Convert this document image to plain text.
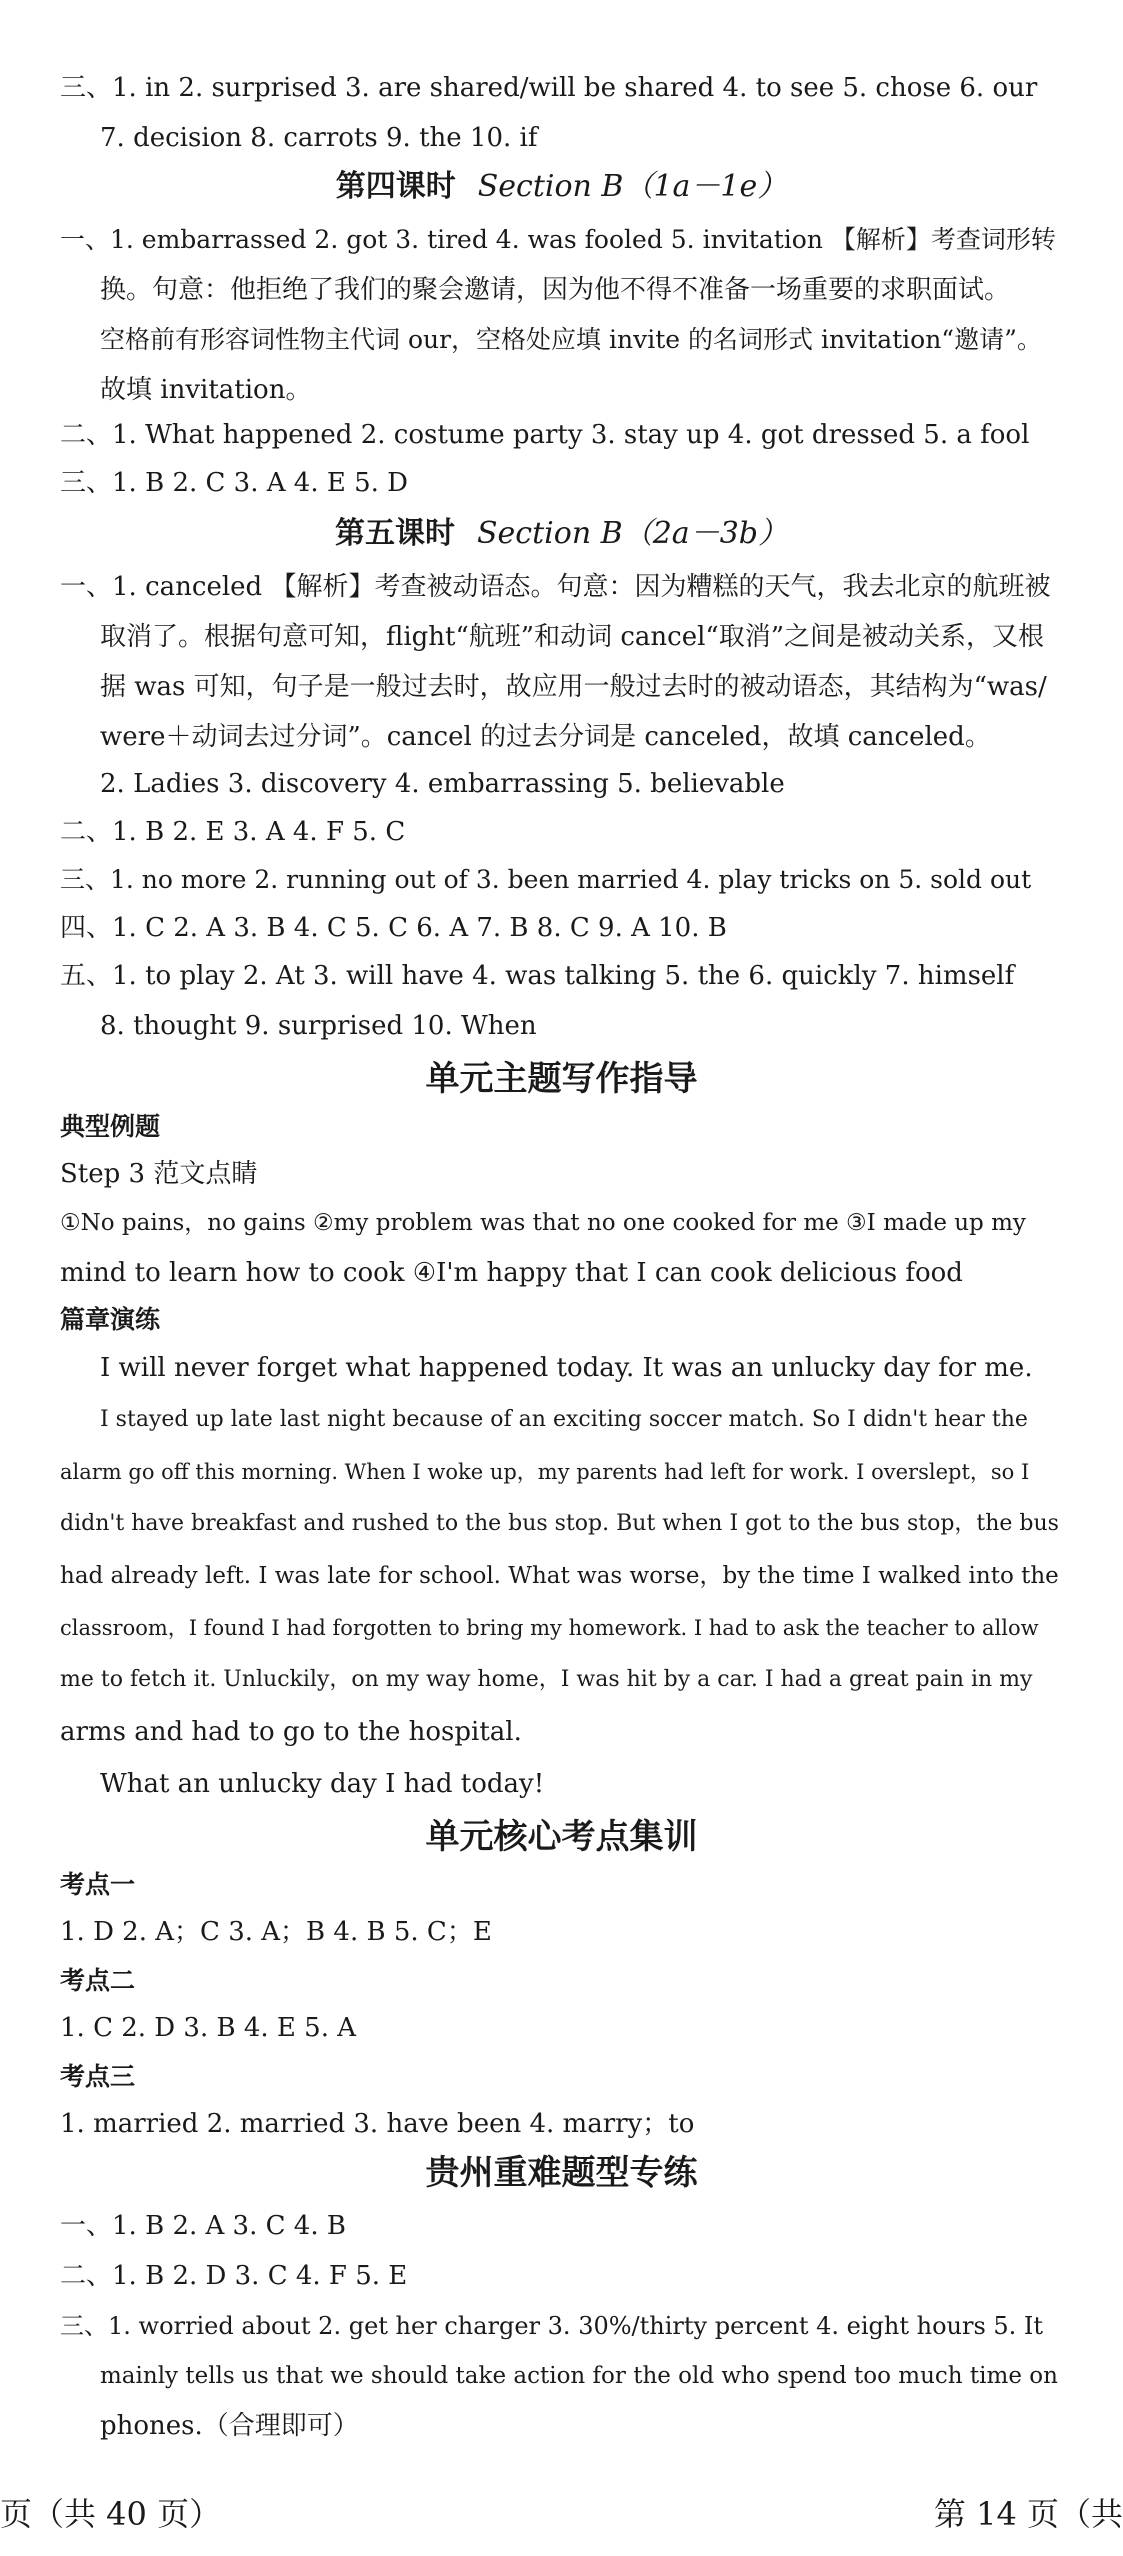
三、1. in 2. surprised 3. are shared/will be shared 4. to see 5. chose 6. our
7. decision 8. carrots 9. the 10. if
第四课时 Section B（1a－1e）
一、1. embarrassed 2. got 3. tired 4. was fooled 5. invitation 【解析】考查词形转
换。句意：他拒绝了我们的聚会邀请，因为他不得不准备一场重要的求职面试。
空格前有形容词性物主代词 our，空格处应填 invite 的名词形式 invitation“邀请”。
故填 invitation。
二、1. What happened 2. costume party 3. stay up 4. got dressed 5. a fool
三、1. B 2. C 3. A 4. E 5. D
第五课时 Section B（2a－3b）
一、1. canceled 【解析】考查被动语态。句意：因为糟糕的天气，我去北京的航班被
取消了。根据句意可知，flight“航班”和动词 cancel“取消”之间是被动关系，又根
据 was 可知，句子是一般过去时，故应用一般过去时的被动语态，其结构为“was/
were＋动词去过分词”。cancel 的过去分词是 canceled，故填 canceled。
2. Ladies 3. discovery 4. embarrassing 5. believable
二、1. B 2. E 3. A 4. F 5. C
三、1. no more 2. running out of 3. been married 4. play tricks on 5. sold out
四、1. C 2. A 3. B 4. C 5. C 6. A 7. B 8. C 9. A 10. B
五、1. to play 2. At 3. will have 4. was talking 5. the 6. quickly 7. himself
8. thought 9. surprised 10. When
单元主题写作指导
典型例题
Step 3 范文点睛
①No pains，no gains ②my problem was that no one cooked for me ③I made up my
mind to learn how to cook ④I'm happy that I can cook delicious food
篇章演练
I will never forget what happened today. It was an unlucky day for me.
I stayed up late last night because of an exciting soccer match. So I didn't hear the
alarm go off this morning. When I woke up，my parents had left for work. I overslept，so I
didn't have breakfast and rushed to the bus stop. But when I got to the bus stop，the bus
had already left. I was late for school. What was worse，by the time I walked into the
classroom，I found I had forgotten to bring my homework. I had to ask the teacher to allow
me to fetch it. Unluckily，on my way home，I was hit by a car. I had a great pain in my
arms and had to go to the hospital.
What an unlucky day I had today!
单元核心考点集训
考点一
1. D 2. A；C 3. A；B 4. B 5. C；E
考点二
1. C 2. D 3. B 4. E 5. A
考点三
1. married 2. married 3. have been 4. marry；to
贵州重难题型专练
一、1. B 2. A 3. C 4. B
二、1. B 2. D 3. C 4. F 5. E
三、1. worried about 2. get her charger 3. 30%/thirty percent 4. eight hours 5. It
mainly tells us that we should take action for the old who spend too much time on
phones.（合理即可）
页（共 40 页）	第 14 页（共
